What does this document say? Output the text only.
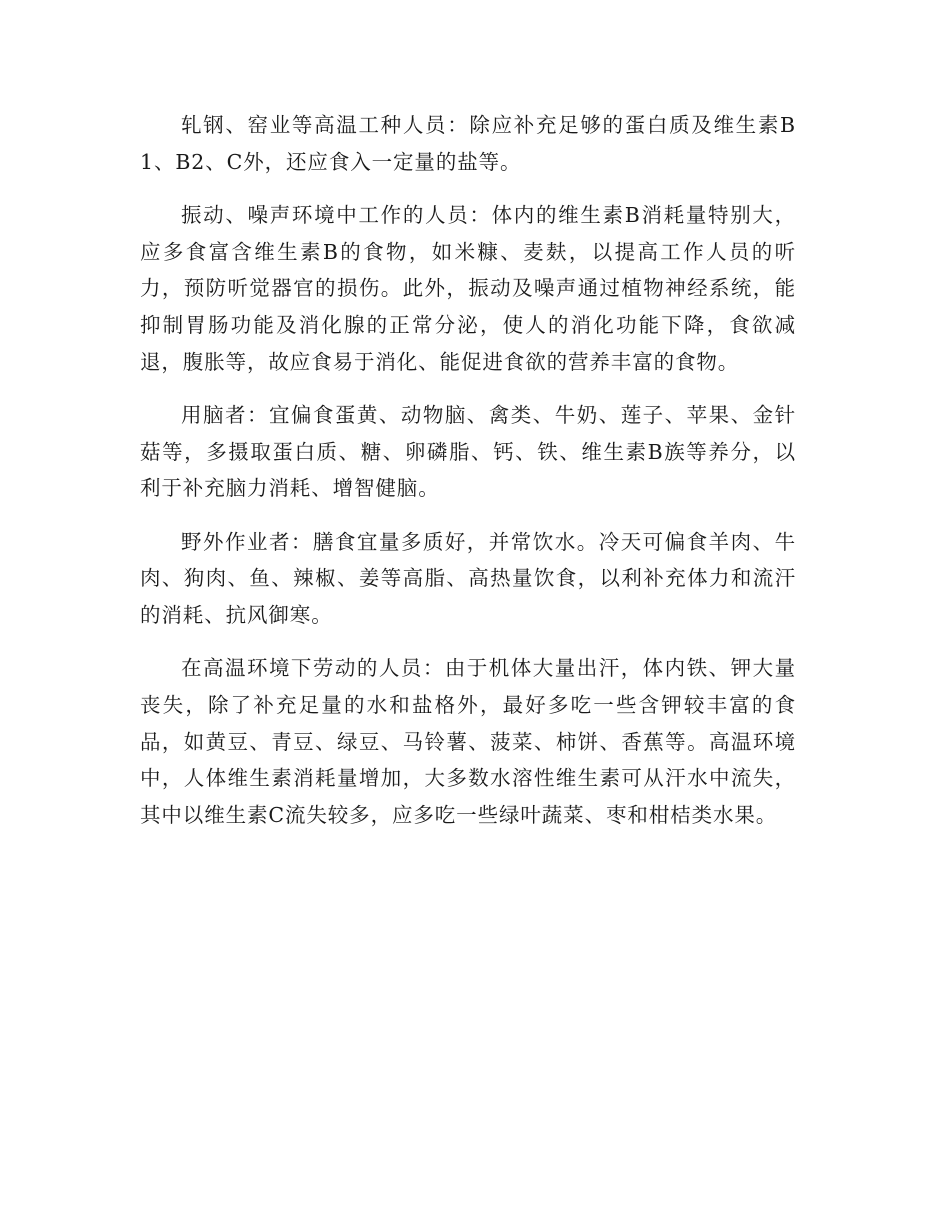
轧钢、窑业等高温工种人员：除应补充足够的蛋白质及维生素B1、B2、C外，还应食入一定量的盐等。

振动、噪声环境中工作的人员：体内的维生素B消耗量特别大，应多食富含维生素B的食物，如米糠、麦麸，以提高工作人员的听力，预防听觉器官的损伤。此外，振动及噪声通过植物神经系统，能抑制胃肠功能及消化腺的正常分泌，使人的消化功能下降，食欲减退，腹胀等，故应食易于消化、能促进食欲的营养丰富的食物。

用脑者：宜偏食蛋黄、动物脑、禽类、牛奶、莲子、苹果、金针菇等，多摄取蛋白质、糖、卵磷脂、钙、铁、维生素B族等养分，以利于补充脑力消耗、增智健脑。

野外作业者：膳食宜量多质好，并常饮水。冷天可偏食羊肉、牛肉、狗肉、鱼、辣椒、姜等高脂、高热量饮食，以利补充体力和流汗的消耗、抗风御寒。

在高温环境下劳动的人员：由于机体大量出汗，体内铁、钾大量丧失，除了补充足量的水和盐格外，最好多吃一些含钾较丰富的食品，如黄豆、青豆、绿豆、马铃薯、菠菜、柿饼、香蕉等。高温环境中，人体维生素消耗量增加，大多数水溶性维生素可从汗水中流失，其中以维生素C流失较多，应多吃一些绿叶蔬菜、枣和柑桔类水果。
